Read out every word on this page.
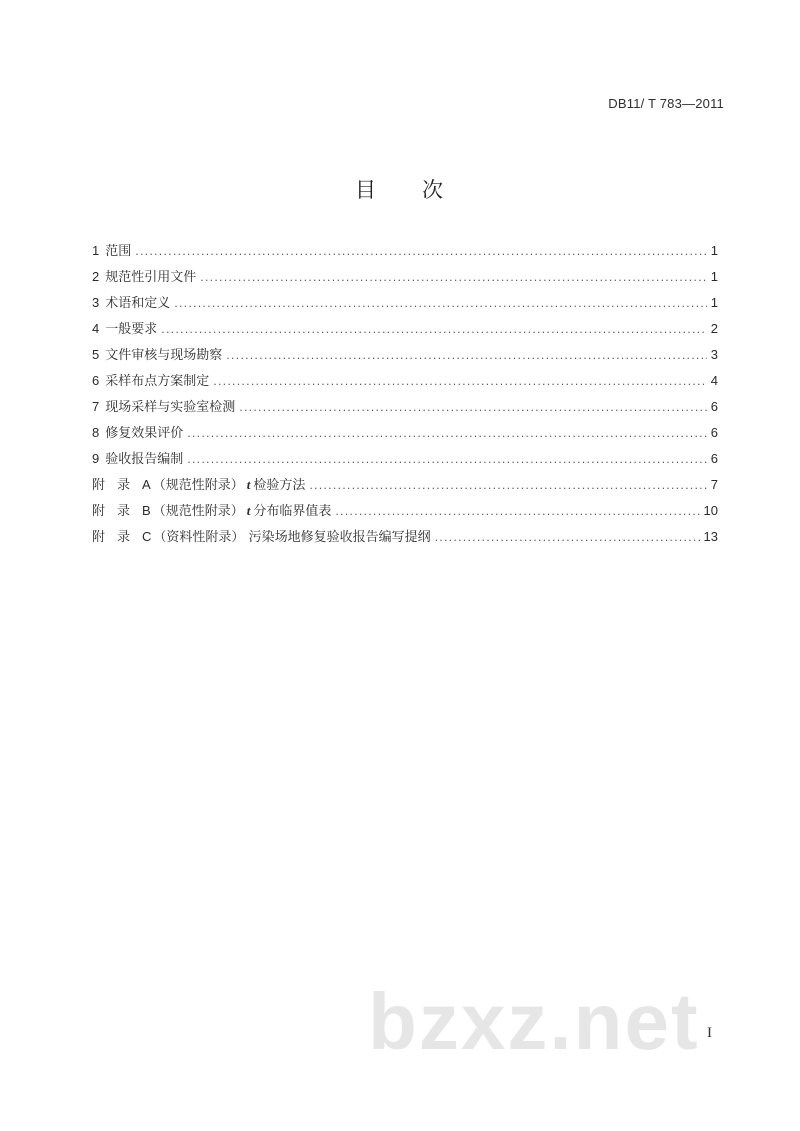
DB11/ T 783—2011
目 次
1 范围 .....	1
2 规范性引用文件 .....	1
3 术语和定义 .....	1
4 一般要求 .....	2
5 文件审核与现场勘察 .....	3
6 采样布点方案制定 .....	4
7 现场采样与实验室检测 .....	6
8 修复效果评价 .....	6
9 验收报告编制 .....	6
附录A （规范性附录） t 检验方法 .....	7
附录B （规范性附录） t 分布临界值表 .....	10
附录C （资料性附录） 污染场地修复验收报告编写提纲 .....	13
bzxz.net I
